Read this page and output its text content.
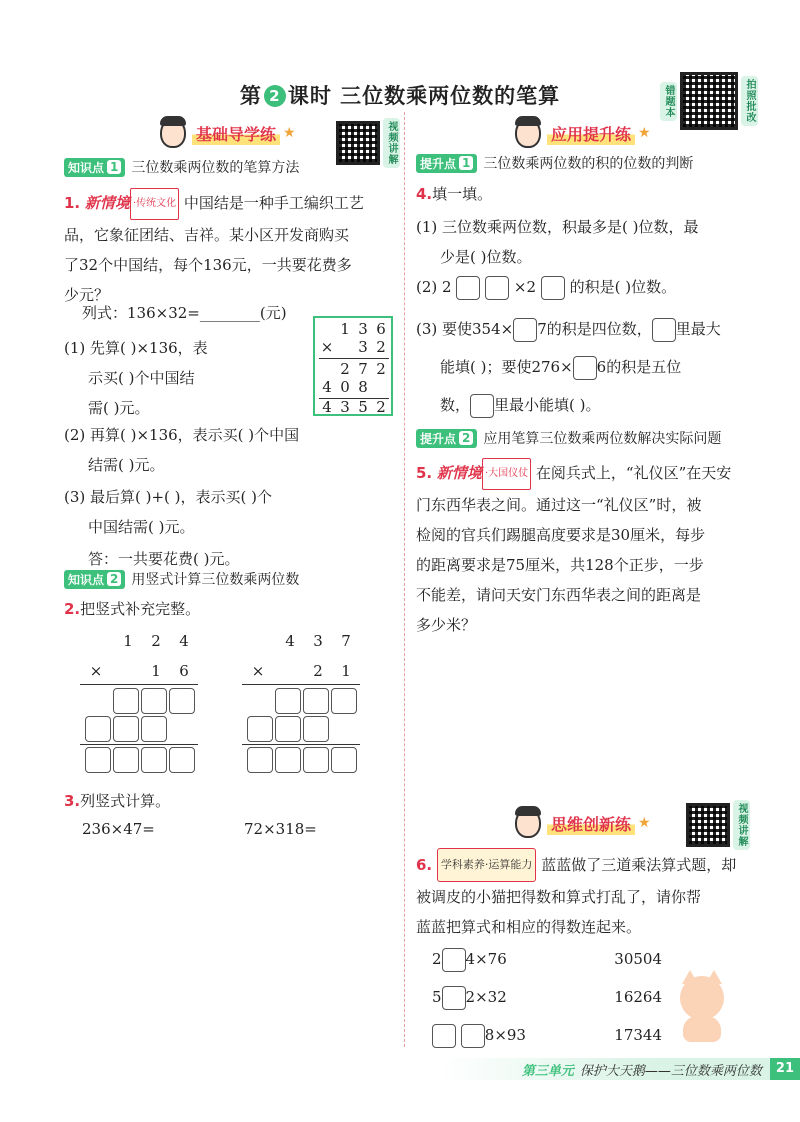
第 2 课时 三位数乘两位数的笔算	错题本	拍照批改
基础导学练 ★	视频讲解
知识点 1 三位数乘两位数的笔算方法
1. 新情境 ·传统文化 中国结是一种手工编织工艺
品，它象征团结、吉祥。某小区开发商购买
了32个中国结，每个136元，一共要花费多
少元？
列式：136×32=________(元)
(1) 先算( )×136，表
示买( )个中国结
需( )元。
1 3 6
×	3 2
2 7 2
4 0 8
4 3 5 2
(2) 再算( )×136，表示买( )个中国
结需( )元。
(3) 最后算( )+( )，表示买( )个
中国结需( )元。
答：一共要花费( )元。
知识点 2 用竖式计算三位数乘两位数
2.把竖式补充完整。
1	2	4
×	1	6
4	3	7
×	2	1
3.列竖式计算。
236×47=	72×318=
应用提升练 ★
提升点 1 三位数乘两位数的积的位数的判断
4.填一填。
(1) 三位数乘两位数，积最多是( )位数，最
少是( )位数。
(2) 2	×2 的积是( )位数。
(3) 要使354× 7的积是四位数， 里最大
能填( )；要使276× 6的积是五位
数， 里最小能填( )。
提升点 2 应用笔算三位数乘两位数解决实际问题
5. 新情境 ·大国仪仗 在阅兵式上，“礼仪区”在天安
门东西华表之间。通过这一“礼仪区”时，被
检阅的官兵们踢腿高度要求是30厘米，每步
的距离要求是75厘米，共128个正步，一步
不能差，请问天安门东西华表之间的距离是
多少米？
思维创新练 ★	视频讲解
6. 学科素养·运算能力 蓝蓝做了三道乘法算式题，却
被调皮的小猫把得数和算式打乱了，请你帮
蓝蓝把算式和相应的得数连起来。
2 4×76	30504
5 2×32	16264
8×93	17344
第三单元 保护大天鹅——三位数乘两位数	21
